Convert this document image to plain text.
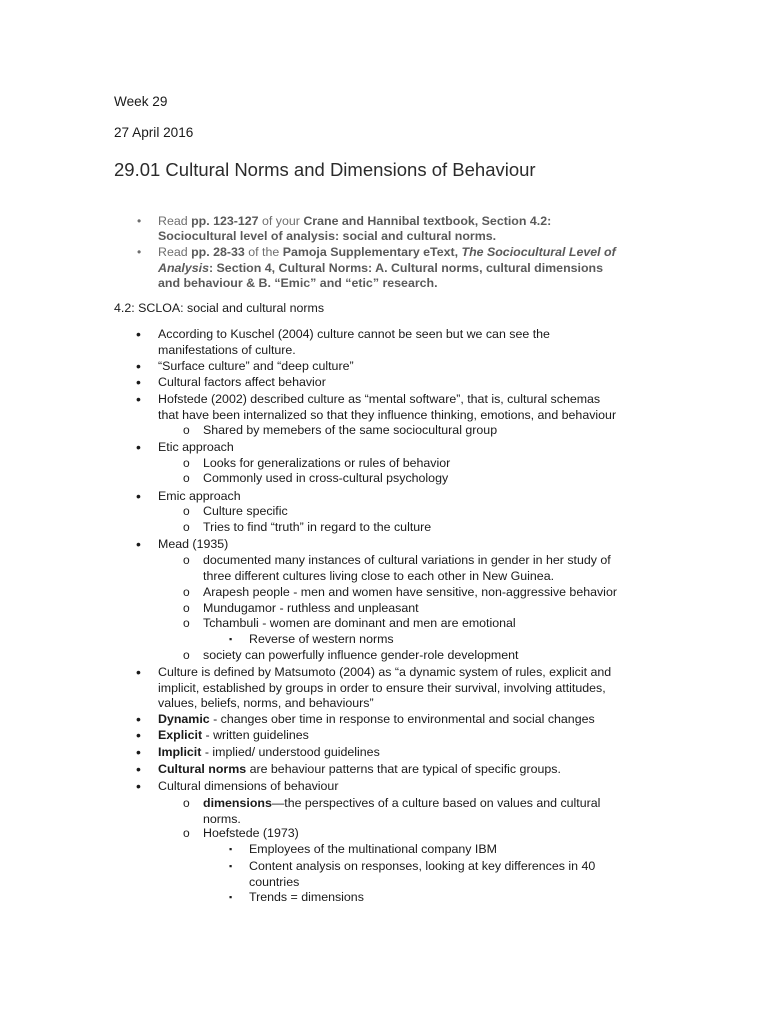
Week 29
27 April 2016
29.01 Cultural Norms and Dimensions of Behaviour
• Read pp. 123-127 of your Crane and Hannibal textbook, Section 4.2:
Sociocultural level of analysis: social and cultural norms.
• Read pp. 28-33 of the Pamoja Supplementary eText, The Sociocultural Level of
Analysis: Section 4, Cultural Norms: A. Cultural norms, cultural dimensions
and behaviour & B. “Emic” and “etic” research.
4.2: SCLOA: social and cultural norms
• According to Kuschel (2004) culture cannot be seen but we can see the
manifestations of culture.
• “Surface culture” and “deep culture”
• Cultural factors affect behavior
• Hofstede (2002) described culture as “mental software”, that is, cultural schemas
that have been internalized so that they influence thinking, emotions, and behaviour
o Shared by memebers of the same sociocultural group
• Etic approach
o Looks for generalizations or rules of behavior
o Commonly used in cross-cultural psychology
• Emic approach
o Culture specific
o Tries to find “truth” in regard to the culture
• Mead (1935)
o documented many instances of cultural variations in gender in her study of
three different cultures living close to each other in New Guinea.
o Arapesh people - men and women have sensitive, non-aggressive behavior
o Mundugamor - ruthless and unpleasant
o Tchambuli - women are dominant and men are emotional
▪ Reverse of western norms
o society can powerfully influence gender-role development
• Culture is defined by Matsumoto (2004) as “a dynamic system of rules, explicit and
implicit, established by groups in order to ensure their survival, involving attitudes,
values, beliefs, norms, and behaviours”
• Dynamic - changes ober time in response to environmental and social changes
• Explicit - written guidelines
• Implicit - implied/ understood guidelines
• Cultural norms are behaviour patterns that are typical of specific groups.
• Cultural dimensions of behaviour
o dimensions—the perspectives of a culture based on values and cultural
norms.
o Hoefstede (1973)
▪ Employees of the multinational company IBM
▪ Content analysis on responses, looking at key differences in 40
countries
▪ Trends = dimensions
